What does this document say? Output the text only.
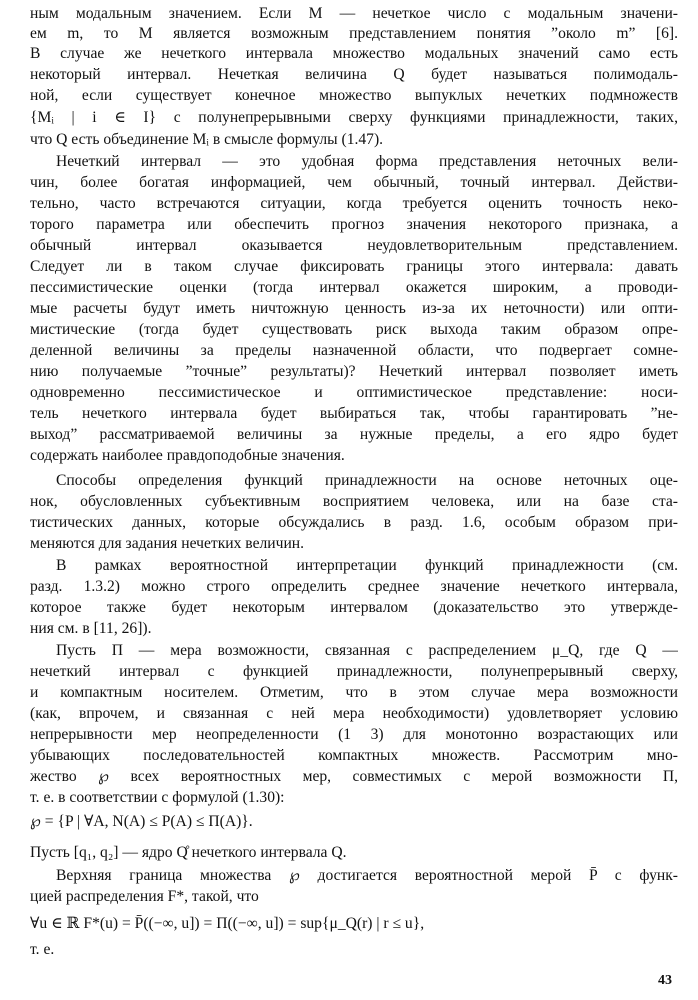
ным модальным значением. Если M — нечеткое число с модальным значени-
ем m, то M является возможным представлением понятия ”около m” [6].
В случае же нечеткого интервала множество модальных значений само есть
некоторый интервал. Нечеткая величина Q будет называться полимодаль-
ной, если существует конечное множество выпуклых нечетких подмножеств
{Mᵢ | i ∈ I} с полунепрерывными сверху функциями принадлежности, таких,
что Q есть объединение Mᵢ в смысле формулы (1.47).
Нечеткий интервал — это удобная форма представления неточных вели-
чин, более богатая информацией, чем обычный, точный интервал. Действи-
тельно, часто встречаются ситуации, когда требуется оценить точность неко-
торого параметра или обеспечить прогноз значения некоторого признака, а
обычный интервал оказывается неудовлетворительным представлением.
Следует ли в таком случае фиксировать границы этого интервала: давать
пессимистические оценки (тогда интервал окажется широким, а проводи-
мые расчеты будут иметь ничтожную ценность из-за их неточности) или опти-
мистические (тогда будет существовать риск выхода таким образом опре-
деленной величины за пределы назначенной области, что подвергает сомне-
нию получаемые ”точные” результаты)? Нечеткий интервал позволяет иметь
одновременно пессимистическое и оптимистическое представление: носи-
тель нечеткого интервала будет выбираться так, чтобы гарантировать ”не-
выход” рассматриваемой величины за нужные пределы, а его ядро будет
содержать наиболее правдоподобные значения.
Способы определения функций принадлежности на основе неточных оце-
нок, обусловленных субъективным восприятием человека, или на базе ста-
тистических данных, которые обсуждались в разд. 1.6, особым образом при-
меняются для задания нечетких величин.
В рамках вероятностной интерпретации функций принадлежности (см.
разд. 1.3.2) можно строго определить среднее значение нечеткого интервала,
которое также будет некоторым интервалом (доказательство это утвержде-
ния см. в [11, 26]).
Пусть Π — мера возможности, связанная с распределением μ_Q, где Q —
нечеткий интервал с функцией принадлежности, полунепрерывный сверху,
и компактным носителем. Отметим, что в этом случае мера возможности
(как, впрочем, и связанная с ней мера необходимости) удовлетворяет условию
непрерывности мер неопределенности (1 3) для монотонно возрастающих или
убывающих последовательностей компактных множеств. Рассмотрим мно-
жество ℘ всех вероятностных мер, совместимых с мерой возможности Π,
т. е. в соответствии с формулой (1.30):
℘ = {P | ∀A, N(A) ≤ P(A) ≤ Π(A)}.
Пусть [q₁, q₂] — ядро Q̊ нечеткого интервала Q.
Верхняя граница множества ℘ достигается вероятностной мерой P̄ с функ-
цией распределения F*, такой, что
∀u ∈ ℝ F*(u) = P̄((−∞, u]) = Π((−∞, u]) = sup{μ_Q(r) | r ≤ u},
т. е.
43
